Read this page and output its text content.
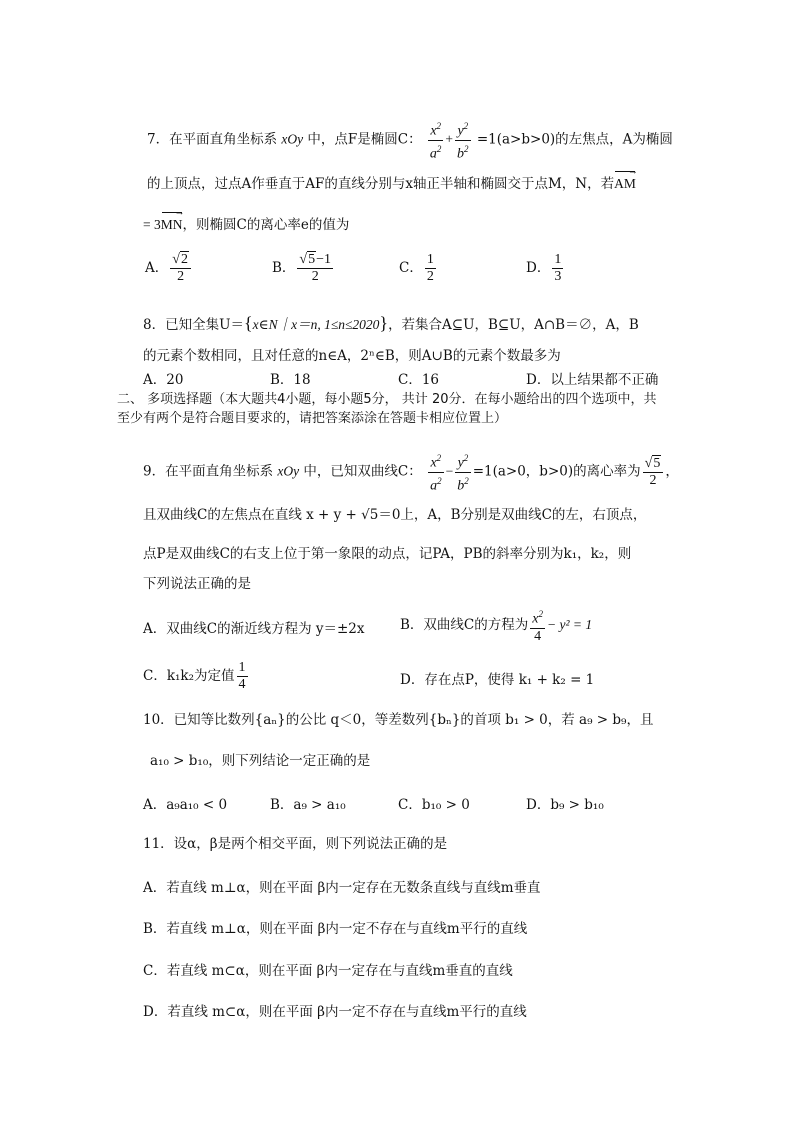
7．在平面直角坐标系 xOy 中，点F是椭圆C： $\frac{x^2}{a^2} + \frac{y^2}{b^2} =1(a>b>0)$的左焦点，A为椭圆
的上顶点，过点A作垂直于AF的直线分别与x轴正半轴和椭圆交于点M，N，若AM →
= 3MN →，则椭圆C的离心率e的值为
A． $\frac{√2}{2}$	B． $\frac{√5-1}{2}$	C． $\frac{1}{2}$	D． $\frac{1}{3}$
8．已知全集U＝{x∈N｜x＝n, 1≤n≤2020}，若集合A⊆U，B⊆U，A∩B＝∅，A，B
的元素个数相同，且对任意的n∈A，2ⁿ∈B，则A∪B的元素个数最多为
A．20	B．18	C．16	D．以上结果都不正确
二、 多项选择题（本大题共4小题，每小题5分， 共计 20分．在每小题给出的四个选项中，共
至少有两个是符合题目要求的，请把答案添涂在答题卡相应位置上）
9．在平面直角坐标系 xOy 中，已知双曲线C： $\frac{x^2}{a^2} - \frac{y^2}{b^2} =1(a>0$，b>0)的离心率为 $\frac{√5}{2}$ ，
且双曲线C的左焦点在直线 x + y + √5＝0上，A，B分别是双曲线C的左，右顶点，
点P是双曲线C的右支上位于第一象限的动点，记PA，PB的斜率分别为k₁，k₂，则
下列说法正确的是
A．双曲线C的渐近线方程为 y＝±2x	B．双曲线C的方程为 $\frac{x^2}{4} - y^2 = 1$
C．k₁k₂为定值 $\frac{1}{4}$	D．存在点P，使得 k₁ + k₂ = 1
10．已知等比数列{aₙ}的公比 q＜0，等差数列{bₙ}的首项 b₁ > 0，若 a₉ > b₉，且
a₁₀ > b₁₀，则下列结论一定正确的是
A．a₉a₁₀ < 0	B．a₉ > a₁₀	C．b₁₀ > 0	D．b₉ > b₁₀
11．设α，β是两个相交平面，则下列说法正确的是
A．若直线 m⊥α，则在平面 β内一定存在无数条直线与直线m垂直
B．若直线 m⊥α，则在平面 β内一定不存在与直线m平行的直线
C．若直线 m⊂α，则在平面 β内一定存在与直线m垂直的直线
D．若直线 m⊂α，则在平面 β内一定不存在与直线m平行的直线
